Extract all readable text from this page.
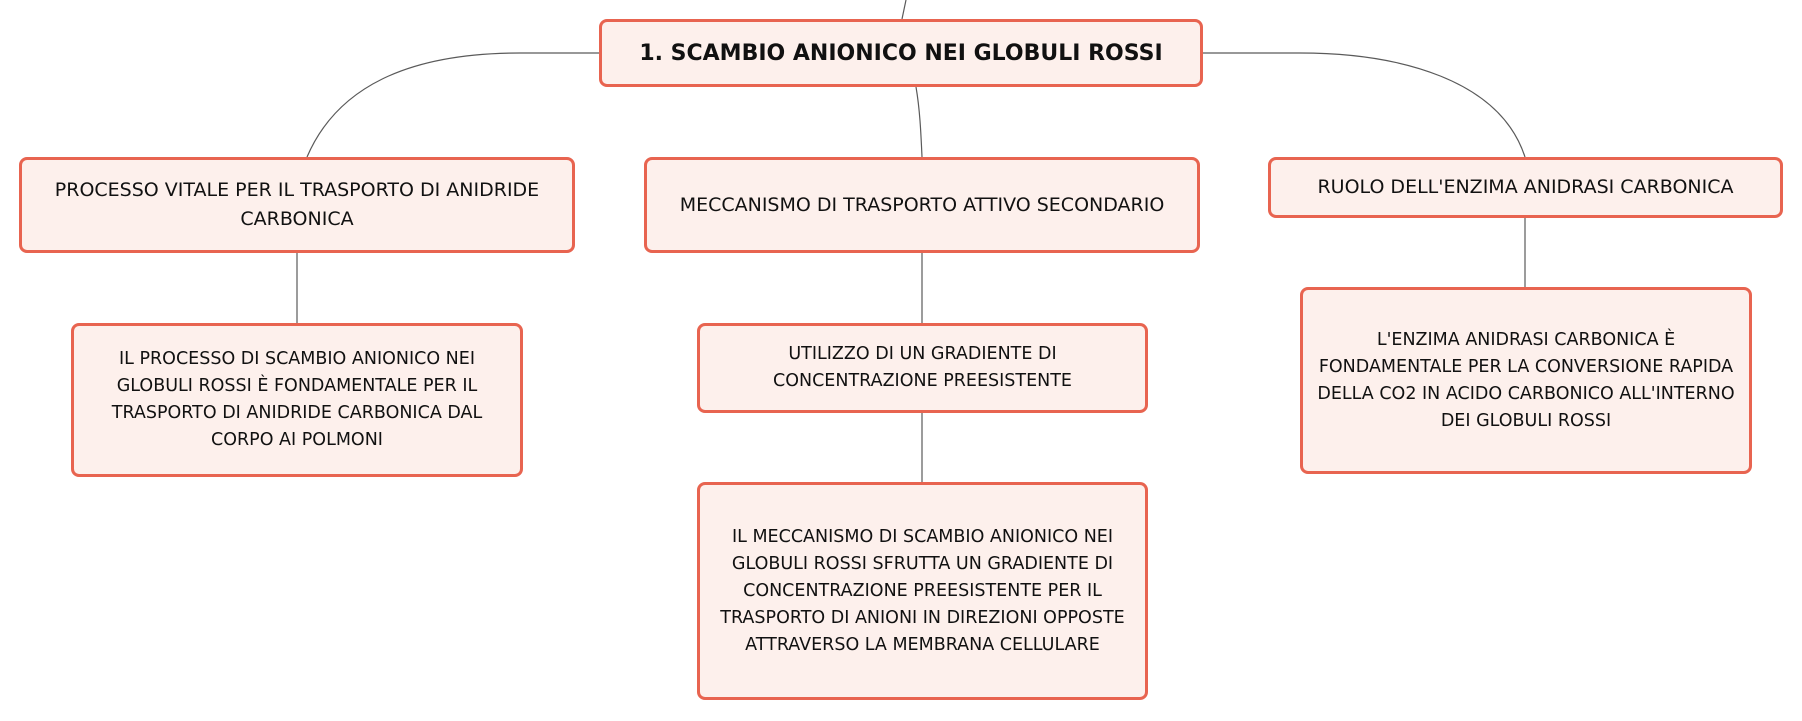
1. SCAMBIO ANIONICO NEI GLOBULI ROSSI
PROCESSO VITALE PER IL TRASPORTO DI ANIDRIDE CARBONICA
MECCANISMO DI TRASPORTO ATTIVO SECONDARIO
RUOLO DELL'ENZIMA ANIDRASI CARBONICA
IL PROCESSO DI SCAMBIO ANIONICO NEI GLOBULI ROSSI È FONDAMENTALE PER IL TRASPORTO DI ANIDRIDE CARBONICA DAL CORPO AI POLMONI
UTILIZZO DI UN GRADIENTE DI CONCENTRAZIONE PREESISTENTE
IL MECCANISMO DI SCAMBIO ANIONICO NEI GLOBULI ROSSI SFRUTTA UN GRADIENTE DI CONCENTRAZIONE PREESISTENTE PER IL TRASPORTO DI ANIONI IN DIREZIONI OPPOSTE ATTRAVERSO LA MEMBRANA CELLULARE
L'ENZIMA ANIDRASI CARBONICA È FONDAMENTALE PER LA CONVERSIONE RAPIDA DELLA CO2 IN ACIDO CARBONICO ALL'INTERNO DEI GLOBULI ROSSI
